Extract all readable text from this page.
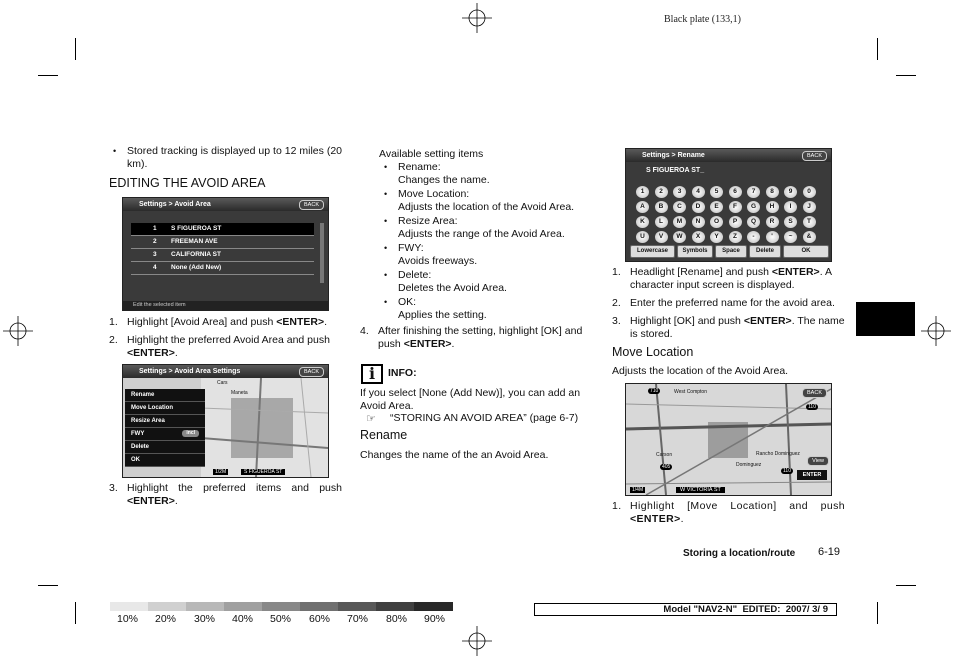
Black plate (133,1)
• Stored tracking is displayed up to 12 miles (20 km).
EDITING THE AVOID AREA
Settings > Avoid Area	BACK
1 S FIGUEROA ST
2 FREEMAN AVE
3 CALIFORNIA ST
4 None (Add New)
Edit the selected item
1. Highlight [Avoid Area] and push <ENTER>.
2. Highlight the preferred Avoid Area and push <ENTER>.
Settings > Avoid Area Settings	BACK
Cars
Maneta
1/2M	S FIGUEROA ST
Rename
Move Location
Resize Area
FWY	incl
Delete
OK
3. Highlight the preferred items and push <ENTER>.
Available setting items
• Rename:
Changes the name.
• Move Location:
Adjusts the location of the Avoid Area.
• Resize Area:
Adjusts the range of the Avoid Area.
• FWY:
Avoids freeways.
• Delete:
Deletes the Avoid Area.
• OK:
Applies the setting.
4. After finishing the setting, highlight [OK] and push <ENTER>.
i	INFO:
If you select [None (Add New)], you can add an Avoid Area.
☞ “STORING AN AVOID AREA” (page 6-7)
Rename
Changes the name of the an Avoid Area.
Settings > Rename	BACK
S FIGUEROA ST_
Lowercase	Symbols	Space	Delete	OK
1	2	3	4	5	6	7	8	9	0
A	B	C	D	E	F	G	H	I	J
K	L	M	N	O	P	Q	R	S	T
U	V	W	X	Y	Z	-	'	~	&
1. Headlight [Rename] and push <ENTER>. A character input screen is displayed.
2. Enter the preferred name for the avoid area.
3. Highlight [OK] and push <ENTER>. The name is stored.
Move Location
Adjusts the location of the Avoid Area.
West Compton
Rancho Dominguez
Dominguez
Carson
710
405
110
110
BACK
View
ENTER
1/4M	W VICTORIA ST
1. Highlight [Move Location] and push <ENTER>.
Storing a location/route 6-19
10% 20% 30% 40% 50% 60% 70% 80% 90%
Model "NAV2-N"  EDITED:  2007/ 3/ 9
